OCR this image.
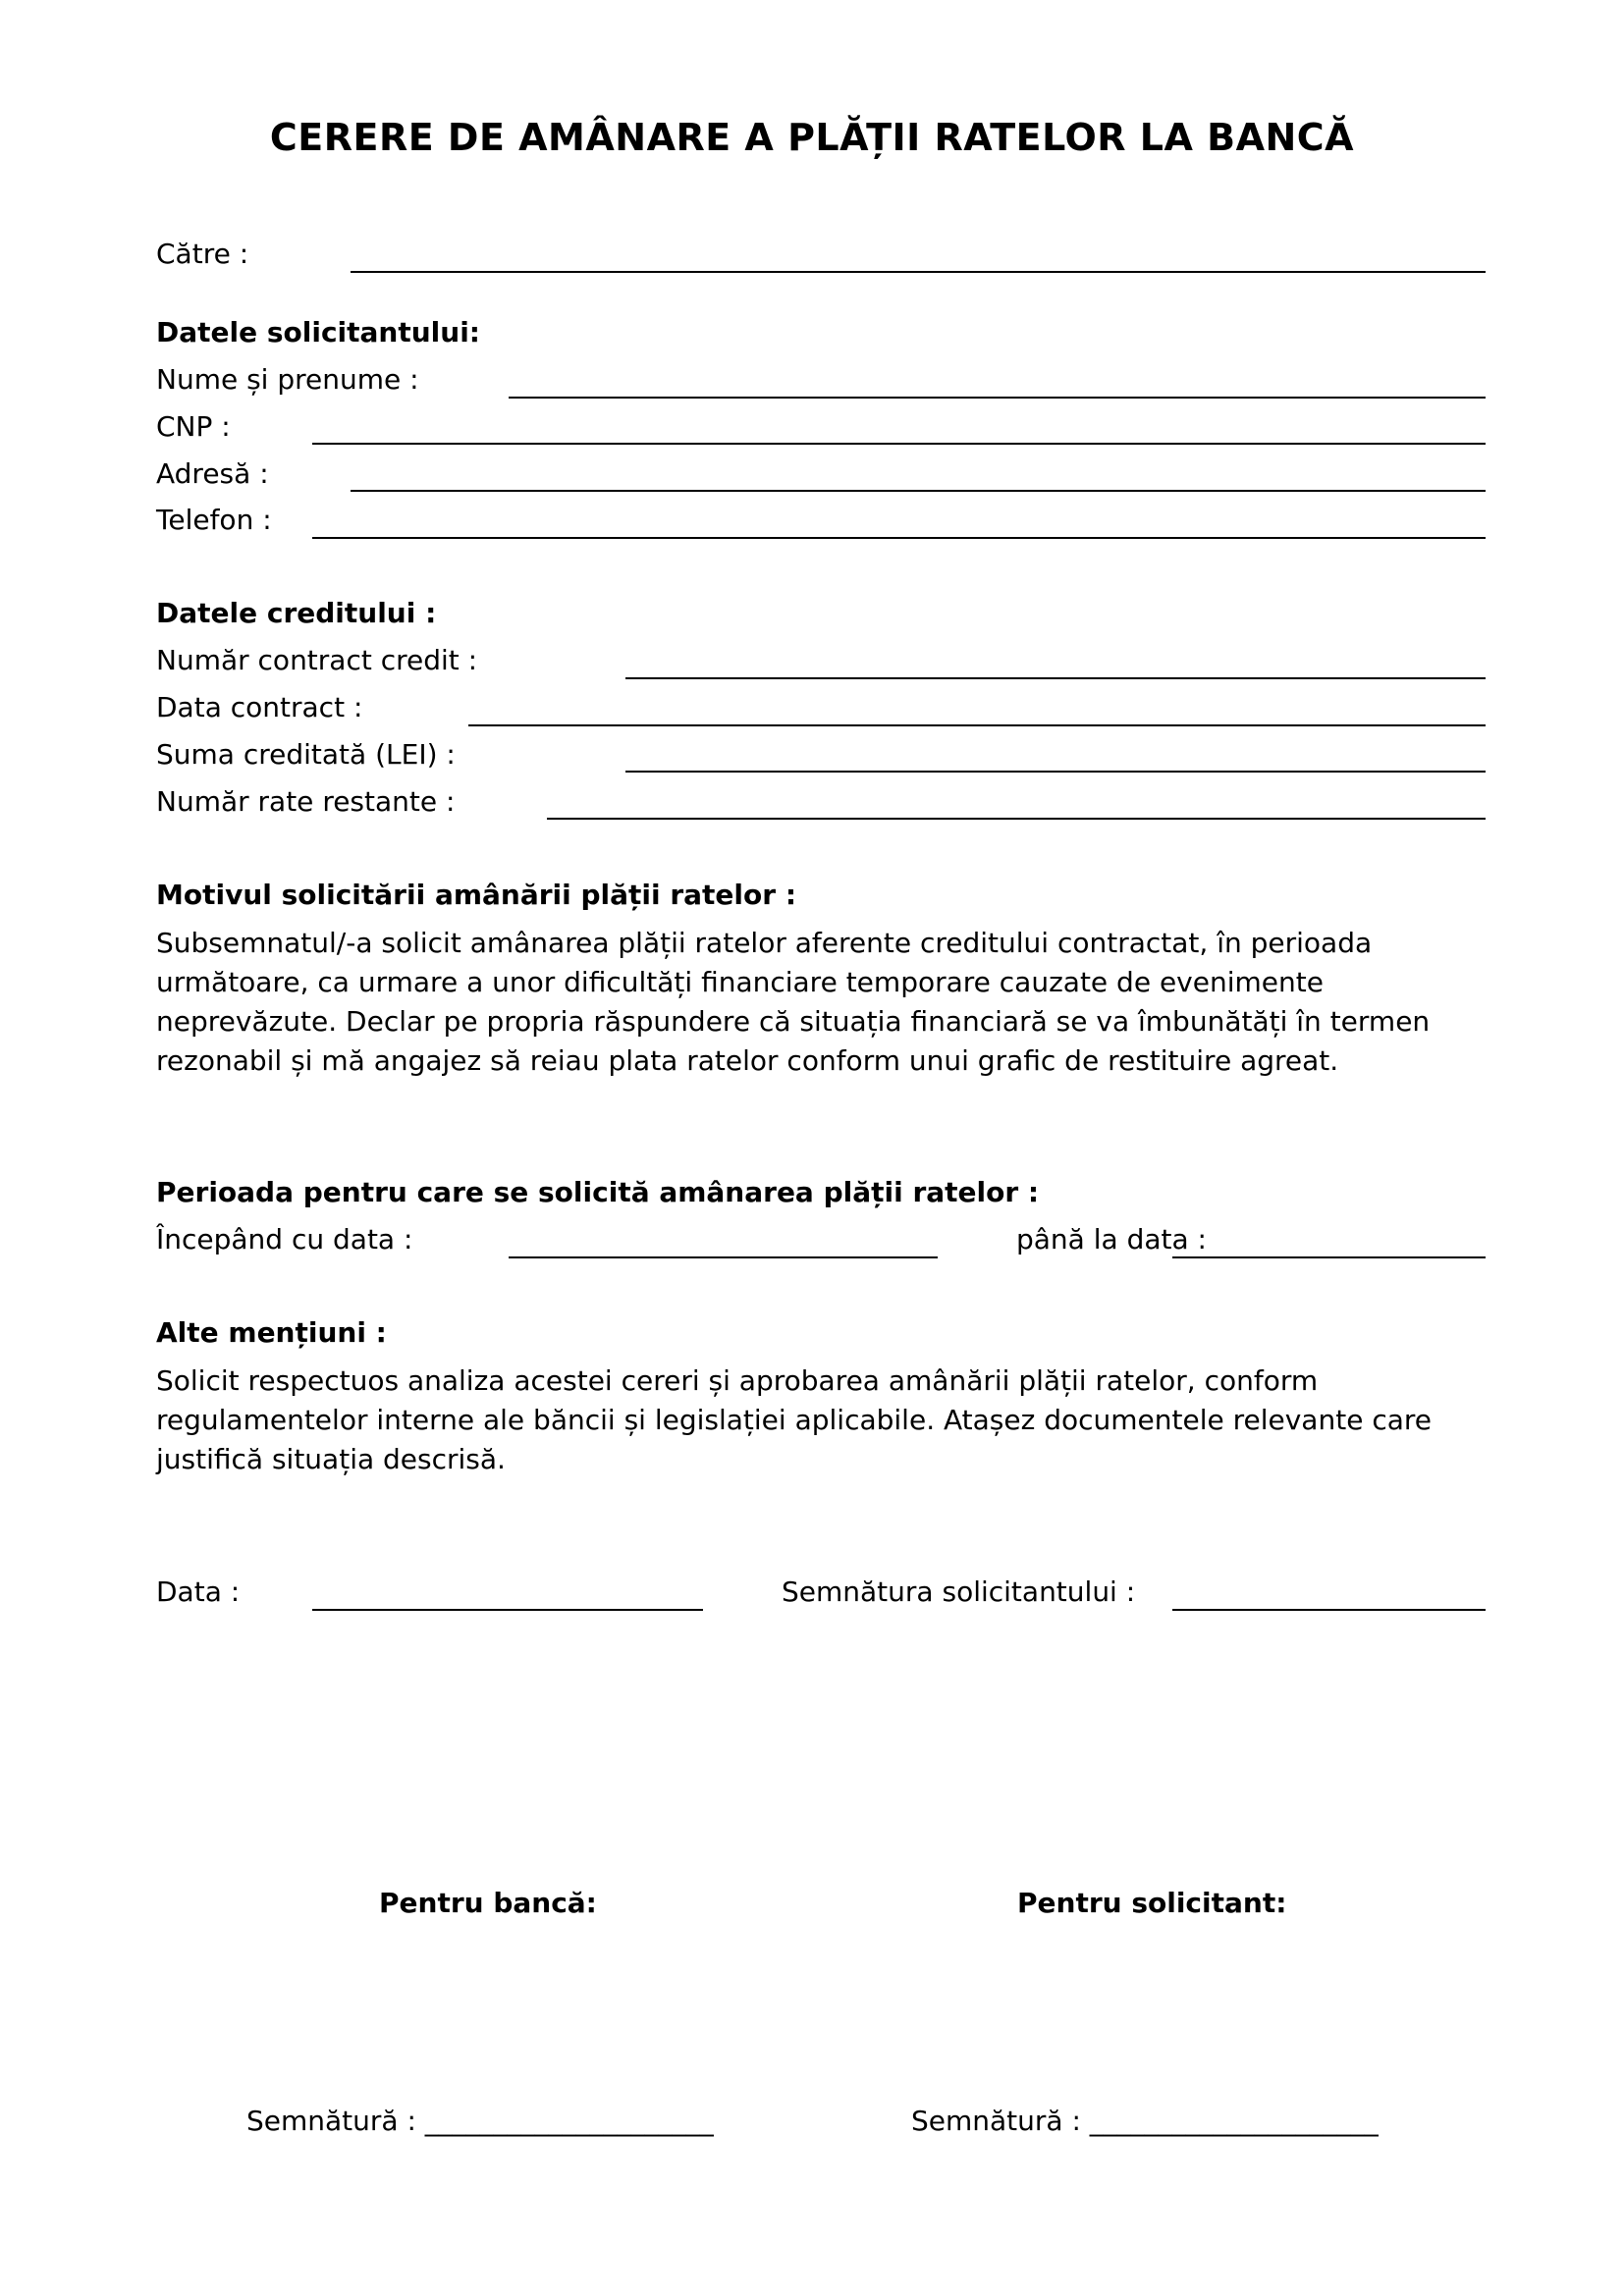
CERERE DE AMÂNARE A PLĂȚII RATELOR LA BANCĂ
Către :
Datele solicitantului:
Nume și prenume :
CNP :
Adresă :
Telefon :
Datele creditului :
Număr contract credit :
Data contract :
Suma creditată (LEI) :
Număr rate restante :
Motivul solicitării amânării plății ratelor :
Subsemnatul/-a solicit amânarea plății ratelor aferente creditului contractat, în perioada următoare, ca urmare a unor dificultăți financiare temporare cauzate de evenimente neprevăzute. Declar pe propria răspundere că situația financiară se va îmbunătăți în termen rezonabil și mă angajez să reiau plata ratelor conform unui grafic de restituire agreat.
Perioada pentru care se solicită amânarea plății ratelor :
Începând cu data :	până la data :
Alte mențiuni :
Solicit respectuos analiza acestei cereri și aprobarea amânării plății ratelor, conform regulamentelor interne ale băncii și legislației aplicabile. Atașez documentele relevante care justifică situația descrisă.
Data :	Semnătura solicitantului :
Pentru bancă:	Pentru solicitant:
Semnătură : _____________________	Semnătură : _____________________
